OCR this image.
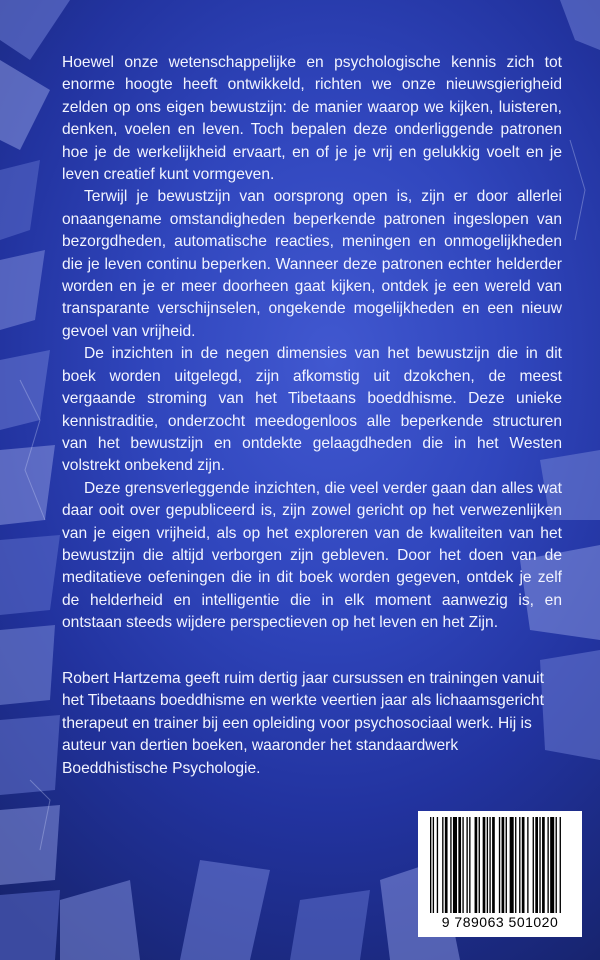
Hoewel onze wetenschappelijke en psychologische kennis zich tot enorme hoogte heeft ontwikkeld, richten we onze nieuwsgierigheid zelden op ons eigen bewustzijn: de manier waarop we kijken, luisteren, denken, voelen en leven. Toch bepalen deze onderliggende patronen hoe je de werkelijkheid ervaart, en of je je vrij en gelukkig voelt en je leven creatief kunt vormgeven.

Terwijl je bewustzijn van oorsprong open is, zijn er door allerlei onaangename omstandigheden beperkende patronen ingeslopen van bezorgdheden, automatische reacties, meningen en onmogelijkheden die je leven continu beperken. Wanneer deze patronen echter helderder worden en je er meer doorheen gaat kijken, ontdek je een wereld van transparante verschijnselen, ongekende mogelijkheden en een nieuw gevoel van vrijheid.

De inzichten in de negen dimensies van het bewustzijn die in dit boek worden uitgelegd, zijn afkomstig uit dzokchen, de meest vergaande stroming van het Tibetaans boeddhisme. Deze unieke kennistraditie, onderzocht meedogenloos alle beperkende structuren van het bewustzijn en ontdekte gelaagdheden die in het Westen volstrekt onbekend zijn.

Deze grensverleggende inzichten, die veel verder gaan dan alles wat daar ooit over gepubliceerd is, zijn zowel gericht op het verwezenlijken van je eigen vrijheid, als op het exploreren van de kwaliteiten van het bewustzijn die altijd verborgen zijn gebleven. Door het doen van de meditatieve oefeningen die in dit boek worden gegeven, ontdek je zelf de helderheid en intelligentie die in elk moment aanwezig is, en ontstaan steeds wijdere perspectieven op het leven en het Zijn.

Robert Hartzema geeft ruim dertig jaar cursussen en trainingen vanuit het Tibetaans boeddhisme en werkte veertien jaar als lichaamsgericht therapeut en trainer bij een opleiding voor psychosociaal werk. Hij is auteur van dertien boeken, waaronder het standaardwerk Boeddhistische Psychologie.

9 789063 501020
